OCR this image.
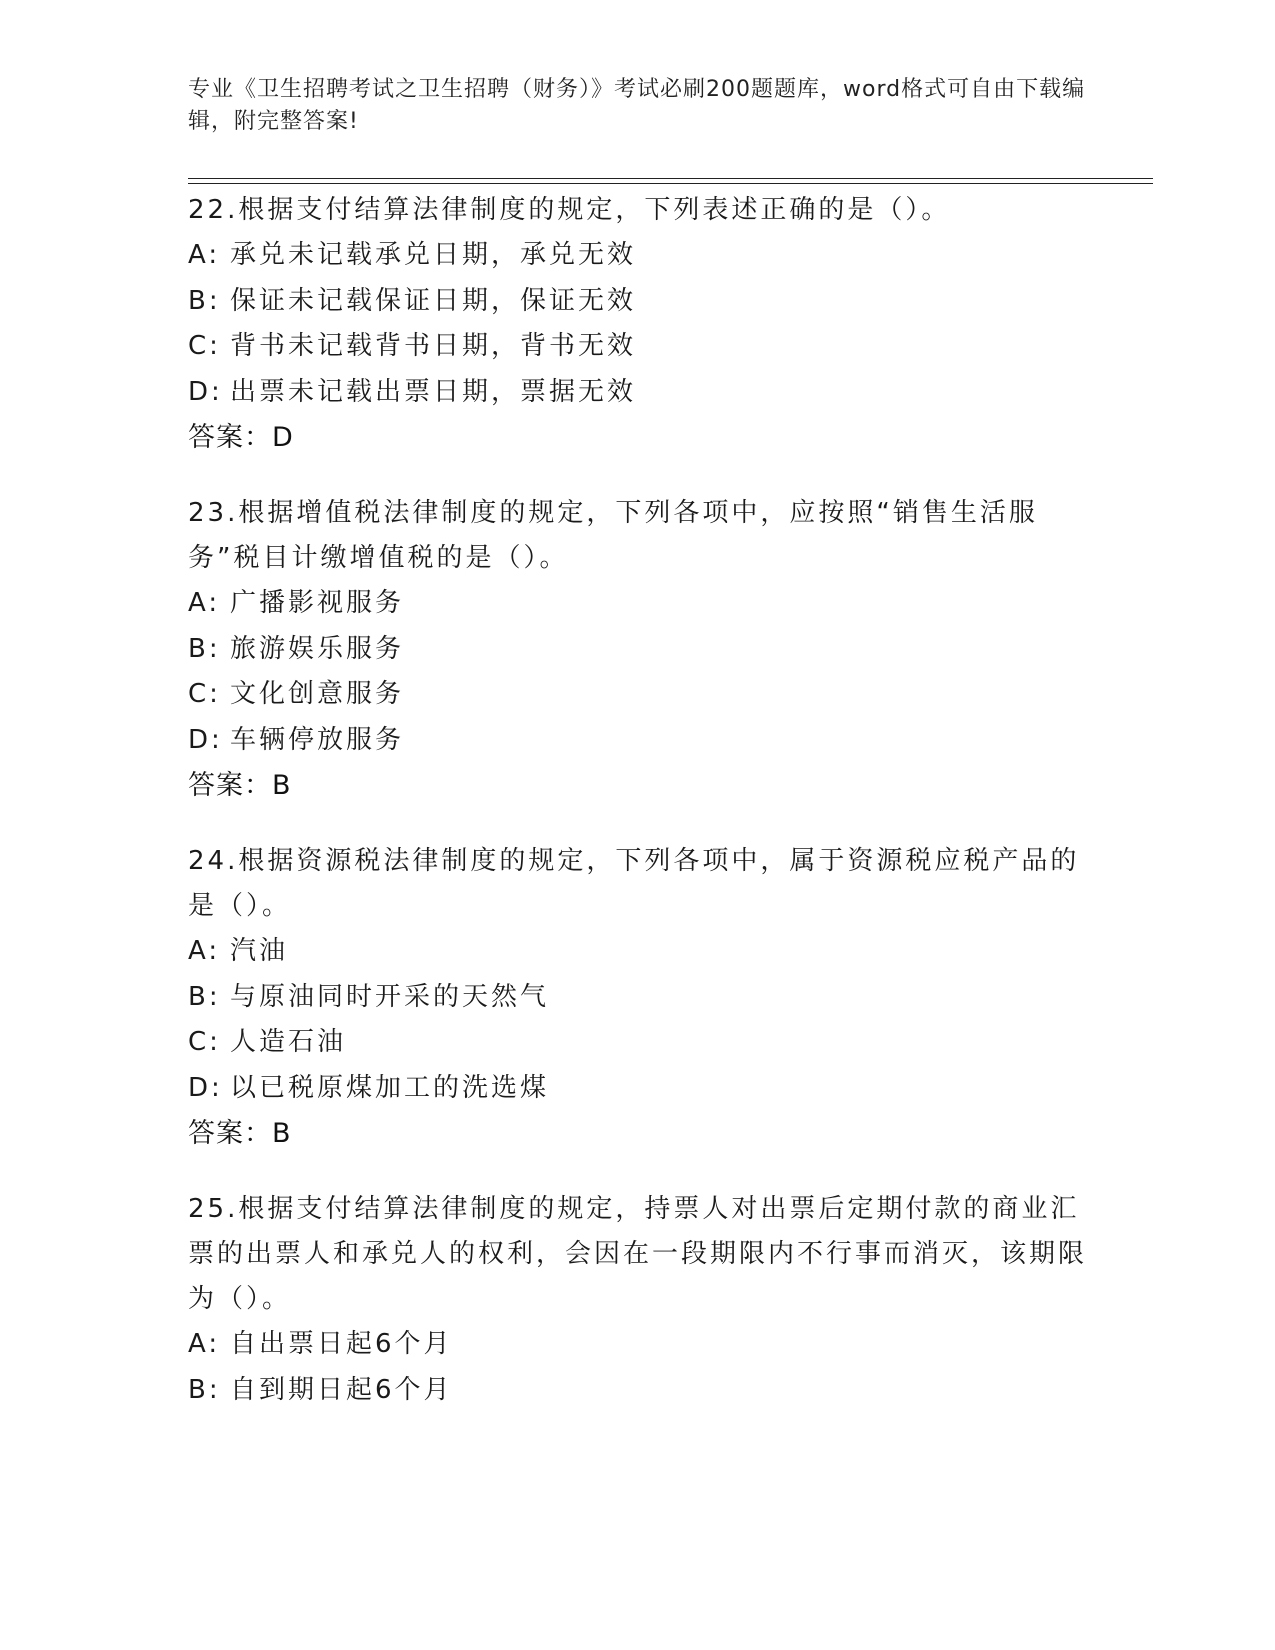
专业《卫生招聘考试之卫生招聘（财务）》考试必刷200题题库，word格式可自由下载编辑，附完整答案!
22.根据支付结算法律制度的规定，下列表述正确的是（）。
A: 承兑未记载承兑日期，承兑无效
B: 保证未记载保证日期，保证无效
C: 背书未记载背书日期，背书无效
D: 出票未记载出票日期，票据无效
答案：D
23.根据增值税法律制度的规定，下列各项中，应按照“销售生活服务”税目计缴增值税的是（）。
A: 广播影视服务
B: 旅游娱乐服务
C: 文化创意服务
D: 车辆停放服务
答案：B
24.根据资源税法律制度的规定，下列各项中，属于资源税应税产品的是（）。
A: 汽油
B: 与原油同时开采的天然气
C: 人造石油
D: 以已税原煤加工的洗选煤
答案：B
25.根据支付结算法律制度的规定，持票人对出票后定期付款的商业汇票的出票人和承兑人的权利，会因在一段期限内不行事而消灭，该期限为（）。
A: 自出票日起6个月
B: 自到期日起6个月
